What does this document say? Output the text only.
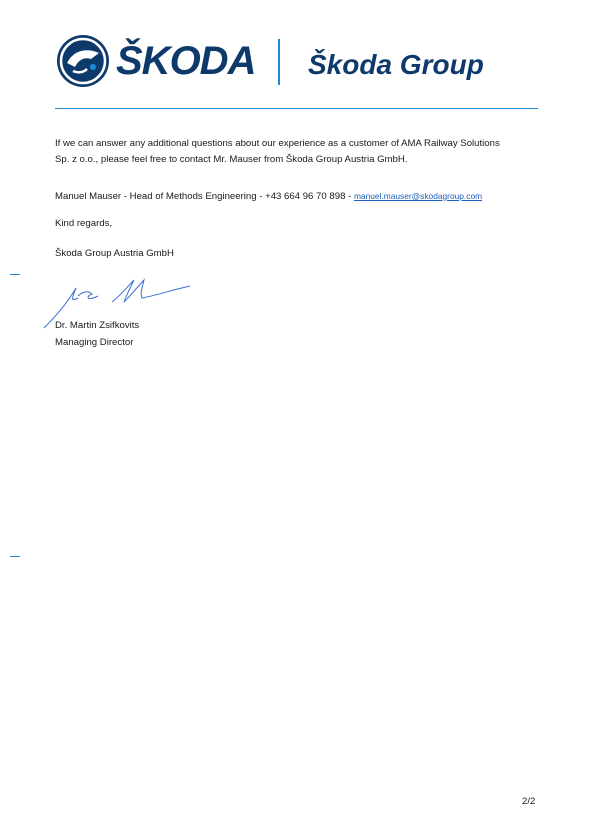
ŠKODA Škoda Group
If we can answer any additional questions about our experience as a customer of AMA Railway Solutions
Sp. z o.o., please feel free to contact Mr. Mauser from Škoda Group Austria GmbH.
Manuel Mauser - Head of Methods Engineering - +43 664 96 70 898 - manuel.mauser@skodagroup.com
Kind regards,
Škoda Group Austria GmbH
Dr. Martin Zsifkovits
Managing Director
2/2
